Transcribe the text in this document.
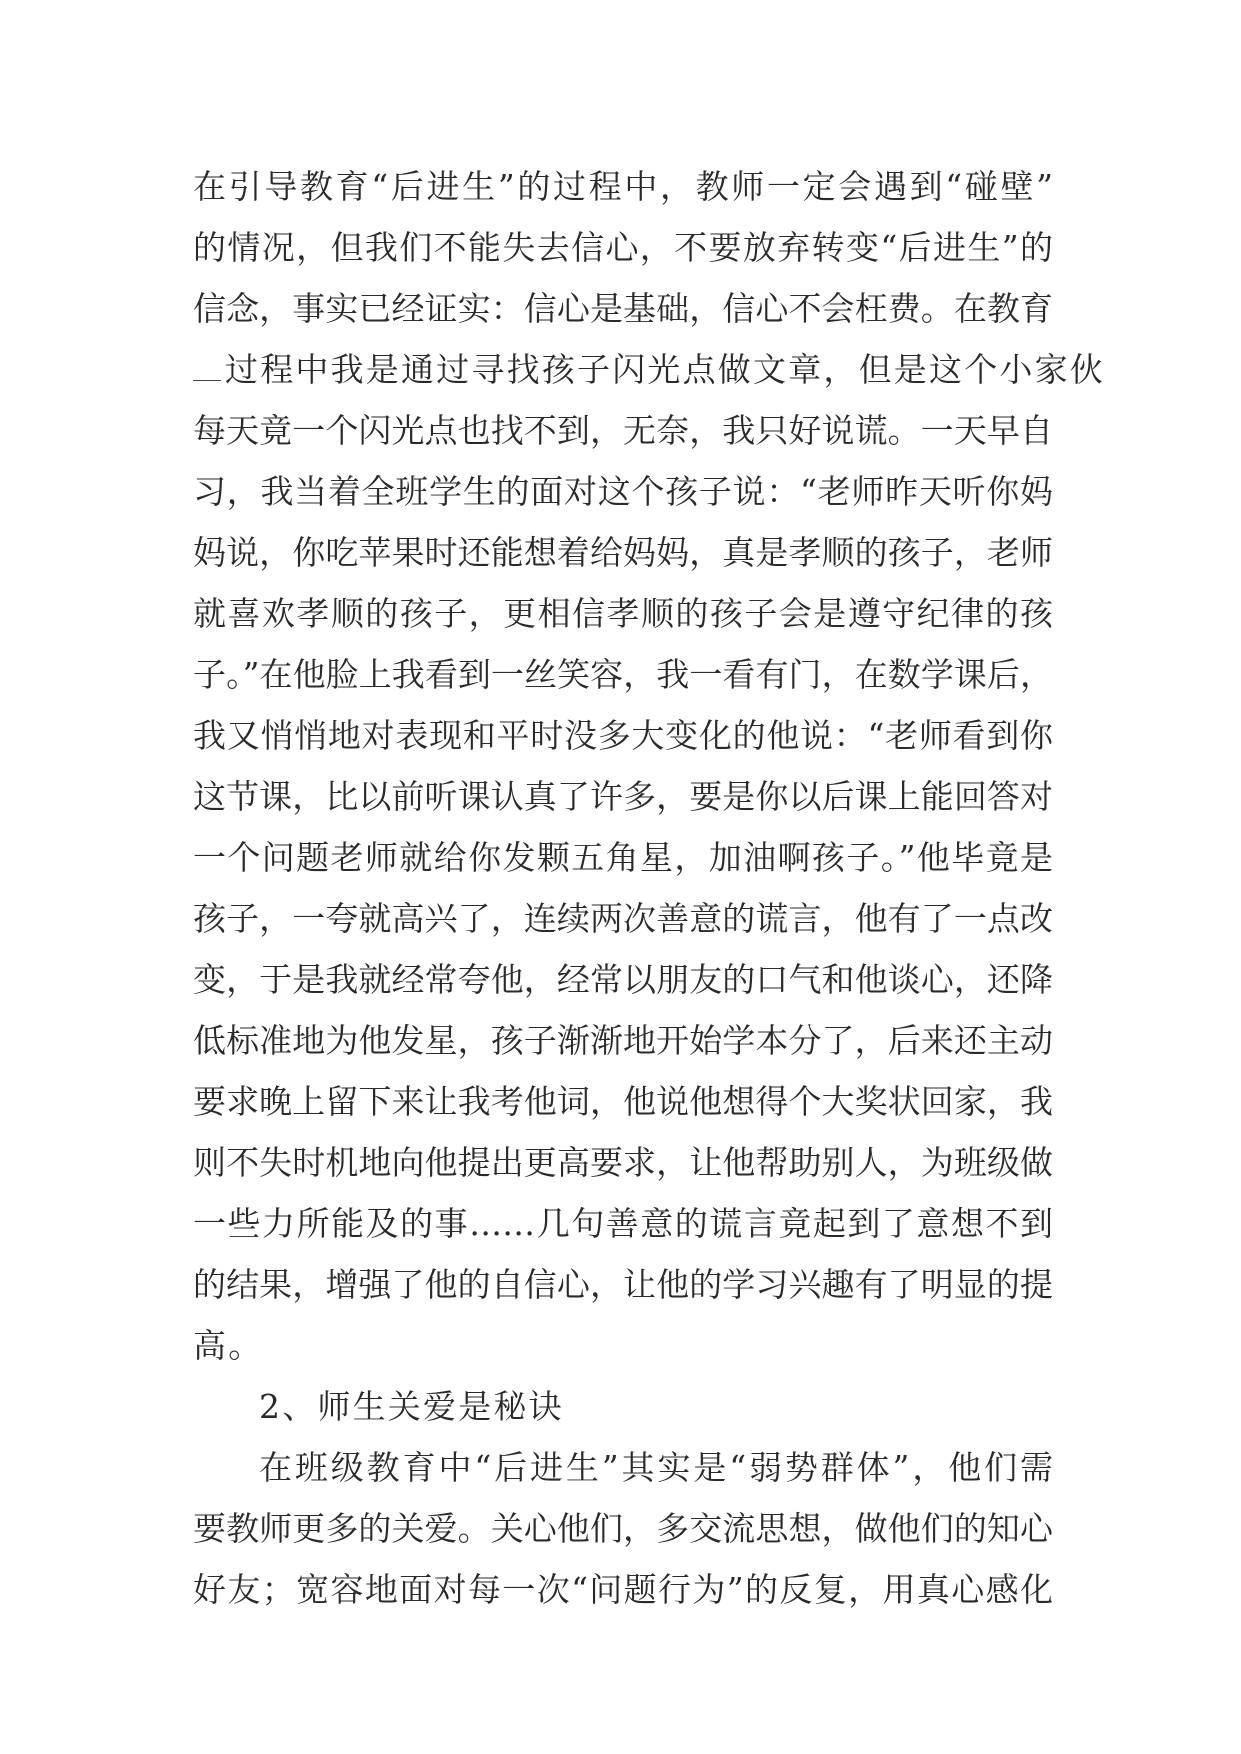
在引导教育“后进生”的过程中，教师一定会遇到“碰壁”
的情况，但我们不能失去信心，不要放弃转变“后进生”的
信念，事实已经证实：信心是基础，信心不会枉费。在教育
过程中我是通过寻找孩子闪光点做文章，但是这个小家伙
每天竟一个闪光点也找不到，无奈，我只好说谎。一天早自
习，我当着全班学生的面对这个孩子说：“老师昨天听你妈
妈说，你吃苹果时还能想着给妈妈，真是孝顺的孩子，老师
就喜欢孝顺的孩子，更相信孝顺的孩子会是遵守纪律的孩
子。”在他脸上我看到一丝笑容，我一看有门，在数学课后，
我又悄悄地对表现和平时没多大变化的他说：“老师看到你
这节课，比以前听课认真了许多，要是你以后课上能回答对
一个问题老师就给你发颗五角星，加油啊孩子。”他毕竟是
孩子，一夸就高兴了，连续两次善意的谎言，他有了一点改
变，于是我就经常夸他，经常以朋友的口气和他谈心，还降
低标准地为他发星，孩子渐渐地开始学本分了，后来还主动
要求晚上留下来让我考他词，他说他想得个大奖状回家，我
则不失时机地向他提出更高要求，让他帮助别人，为班级做
一些力所能及的事……几句善意的谎言竟起到了意想不到
的结果，增强了他的自信心，让他的学习兴趣有了明显的提
高。
2、师生关爱是秘诀
在班级教育中“后进生”其实是“弱势群体”，他们需
要教师更多的关爱。关心他们，多交流思想，做他们的知心
好友；宽容地面对每一次“问题行为”的反复，用真心感化
